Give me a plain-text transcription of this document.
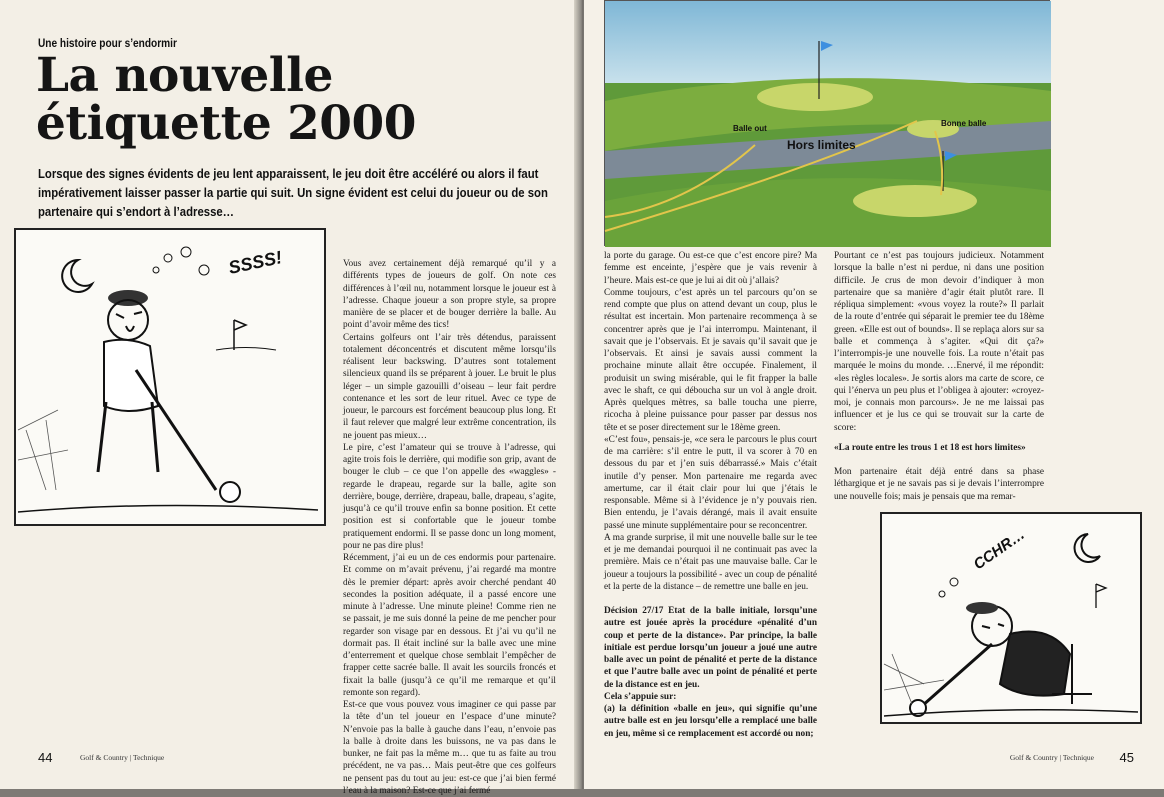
Une histoire pour s’endormir
La nouvelle
étiquette 2000
Lorsque des signes évidents de jeu lent apparaissent, le jeu doit être accéléré ou alors il faut impérativement laisser passer la partie qui suit. Un signe évident est celui du joueur ou de son partenaire qui s’endort à l’adresse…
SSSS!	Vous avez certainement déjà remarqué qu’il y a différents types de joueurs de golf. On note ces différences à l’œil nu, notamment lorsque le joueur est à l’adresse. Chaque joueur a son propre style, sa propre manière de se placer et de bouger derrière la balle. Au point d’avoir même des tics!

Certains golfeurs ont l’air très détendus, paraissent totalement déconcentrés et discutent même lorsqu’ils réalisent leur backswing. D’autres sont totalement silencieux quand ils se préparent à jouer. Le bruit le plus léger – un simple gazouilli d’oiseau – leur fait perdre contenance et les sort de leur rituel. Avec ce type de joueur, le parcours est forcément beaucoup plus long. Et il faut relever que malgré leur extrême concentration, ils ne jouent pas mieux…

Le pire, c’est l’amateur qui se trouve à l’adresse, qui agite trois fois le derrière, qui modifie son grip, avant de bouger le club – ce que l’on appelle des «waggles» - regarde le drapeau, regarde sur la balle, agite son derrière, bouge, derrière, drapeau, balle, drapeau, s’agite, jusqu’à ce qu’il trouve enfin sa bonne position. Et cette position est si confortable que le joueur tombe pratiquement endormi. Il se passe donc un long moment, pour ne pas dire plus!

Récemment, j’ai eu un de ces endormis pour partenaire. Et comme on m’avait prévenu, j’ai regardé ma montre dès le premier départ: après avoir cherché pendant 40 secondes la position adéquate, il a passé encore une minute à l’adresse. Une minute pleine! Comme rien ne se passait, je me suis donné la peine de me pencher pour regarder son visage par en dessous. Et j’ai vu qu’il ne dormait pas. Il était incliné sur la balle avec une mine d’enterrement et quelque chose semblait l’empêcher de frapper cette sacrée balle. Il avait les sourcils froncés et fixait la balle (jusqu’à ce qu’il me remarque et qu’il remonte son regard).

Est-ce que vous pouvez vous imaginer ce qui passe par la tête d’un tel joueur en l’espace d’une minute? N’envoie pas la balle à gauche dans l’eau, n’envoie pas la balle à droite dans les buissons, ne va pas dans le bunker, ne fait pas la même m… que tu as faite au trou précédent, ne va pas… Mais peut-être que ces golfeurs ne pensent pas du tout au jeu: est-ce que j’ai bien fermé l’eau à la maison? Est-ce que j’ai fermé

44	Golf & Country | Technique
Balle out
Hors limites
Bonne balle

la porte du garage. Ou est-ce que c’est encore pire? Ma femme est enceinte, j’espère que je vais revenir à l’heure. Mais est-ce que je lui ai dit où j’allais?

Comme toujours, c’est après un tel parcours qu’on se rend compte que plus on attend devant un coup, plus le résultat est incertain. Mon partenaire recommença à se concentrer après que je l’ai interrompu. Maintenant, il savait que je l’observais. Et je savais qu’il savait que je l’observais. Et ainsi je savais aussi comment la prochaine minute allait être occupée. Finalement, il produisit un swing misérable, qui le fit frapper la balle avec le shaft, ce qui déboucha sur un vol à angle droit. Après quelques mètres, sa balle toucha une pierre, ricocha à pleine puissance pour passer par dessus nos tête et se poser directement sur le 18ème green.

«C’est fou», pensais-je, «ce sera le parcours le plus court de ma carrière: s’il entre le putt, il va scorer à 70 en dessous du par et j’en suis débarrassé.» Mais c’était inutile d’y penser. Mon partenaire me regarda avec amertume, car il était clair pour lui que j’étais le responsable. Même si à l’évidence je n’y pouvais rien. Bien entendu, je l’avais dérangé, mais il avait ensuite passé une minute supplémentaire pour se reconcentrer.

A ma grande surprise, il mit une nouvelle balle sur le tee et je me demandai pourquoi il ne continuait pas avec la première. Mais ce n’était pas une mauvaise balle. Car le joueur a toujours la possibilité - avec un coup de pénalité et la perte de la distance – de remettre une balle en jeu.

Décision 27/17 Etat de la balle initiale, lorsqu’une autre est jouée après la procédure «pénalité d’un coup et perte de la distance». Par principe, la balle initiale est perdue lorsqu’un joueur a joué une autre balle avec un point de pénalité et perte de la distance et que l’autre balle avec un point de pénalité et perte de la distance est en jeu.

Cela s’appuie sur:

(a) la définition «balle en jeu», qui signifie qu’une autre balle est en jeu lorsqu’elle a remplacé une balle en jeu, même si ce remplacement est accordé ou non;

Pourtant ce n’est pas toujours judicieux. Notamment lorsque la balle n’est ni perdue, ni dans une position difficile. Je crus de mon devoir d’indiquer à mon partenaire que sa manière d’agir était plutôt rare. Il répliqua simplement: «vous voyez la route?» Il parlait de la route d’entrée qui séparait le premier tee du 18ème green. «Elle est out of bounds». Il se replaça alors sur sa balle et commença à s’agiter. «Qui dit ça?» l’interrompis-je une nouvelle fois. La route n’était pas marquée le moins du monde. …Enervé, il me répondit: «les règles locales». Je sortis alors ma carte de score, ce qui l’énerva un peu plus et l’obligea à ajouter: «croyez-moi, je connais mon parcours». Je ne me laissai pas influencer et je lus ce qui se trouvait sur la carte de score:

«La route entre les trous 1 et 18 est hors limites»

Mon partenaire était déjà entré dans sa phase léthargique et je ne savais pas si je devais l’interrompre une nouvelle fois; mais je pensais que ma remar-

CCHR…
Golf & Country | Technique 45
